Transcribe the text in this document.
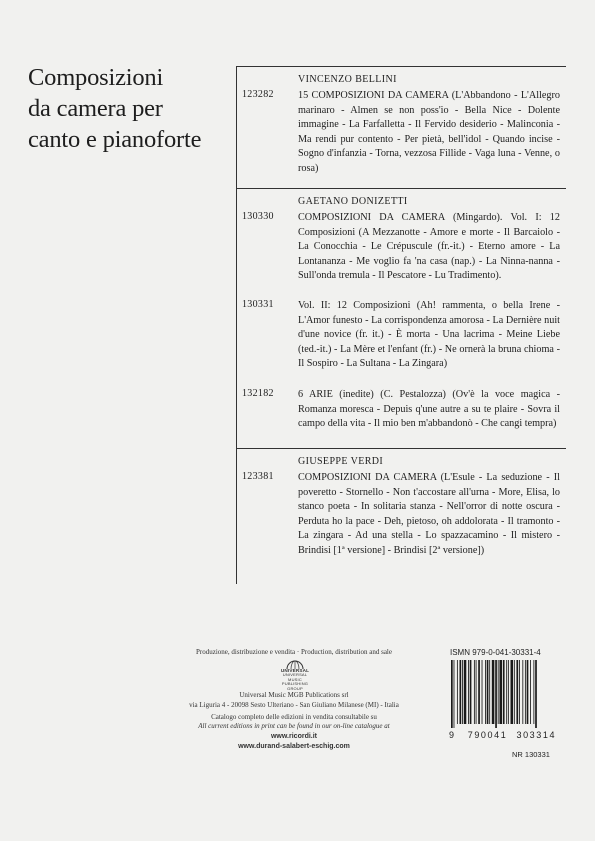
Composizioni
da camera per
canto e pianoforte
VINCENZO BELLINI
123282 15 COMPOSIZIONI DA CAMERA (L'Abbandono - L'Allegro marinaro - Almen se non poss'io - Bella Nice - Dolente immagine - La Farfalletta - Il Fervido desiderio - Malinconia - Ma rendi pur contento - Per pietà, bell'idol - Quando incise - Sogno d'infanzia - Torna, vezzosa Fillide - Vaga luna - Venne, o rosa)
GAETANO DONIZETTI
130330 COMPOSIZIONI DA CAMERA (Mingardo). Vol. I: 12 Composizioni (A Mezzanotte - Amore e morte - Il Barcaiolo - La Conocchia - Le Crépuscule (fr.-it.) - Eterno amore - La Lontananza - Me voglio fa 'na casa (nap.) - La Ninna-nanna - Sull'onda tremula - Il Pescatore - Lu Tradimento).
130331 Vol. II: 12 Composizioni (Ah! rammenta, o bella Irene - L'Amor funesto - La corrispondenza amorosa - La Dernière nuit d'une novice (fr. it.) - È morta - Una lacrima - Meine Liebe (ted.-it.) - La Mère et l'enfant (fr.) - Ne ornerà la bruna chioma - Il Sospiro - La Sultana - La Zingara)
132182 6 ARIE (inedite) (C. Pestalozza) (Ov'è la voce magica - Romanza moresca - Depuis q'une autre a su te plaire - Sovra il campo della vita - Il mio ben m'abbandonò - Che cangi tempra)
GIUSEPPE VERDI
123381 COMPOSIZIONI DA CAMERA (L'Esule - La seduzione - Il poveretto - Stornello - Non t'accostare all'urna - More, Elisa, lo stanco poeta - In solitaria stanza - Nell'orror di notte oscura - Perduta ho la pace - Deh, pietoso, oh addolorata - Il tramonto - La zingara - Ad una stella - Lo spazzacamino - Il mistero - Brindisi [1ª versione] - Brindisi [2ª versione])
Produzione, distribuzione e vendita · Production, distribution and sale
UNIVERSAL
UNIVERSAL MUSIC
PUBLISHING GROUP
Universal Music MGB Publications srl
via Liguria 4 - 20098 Sesto Ulteriano - San Giuliano Milanese (MI) - Italia
Catalogo completo delle edizioni in vendita consultabile su
All current editions in print can be found in our on-line catalogue at
www.ricordi.it
www.durand-salabert-eschig.com
ISMN 979-0-041-30331-4
9 790041 303314
NR 130331
